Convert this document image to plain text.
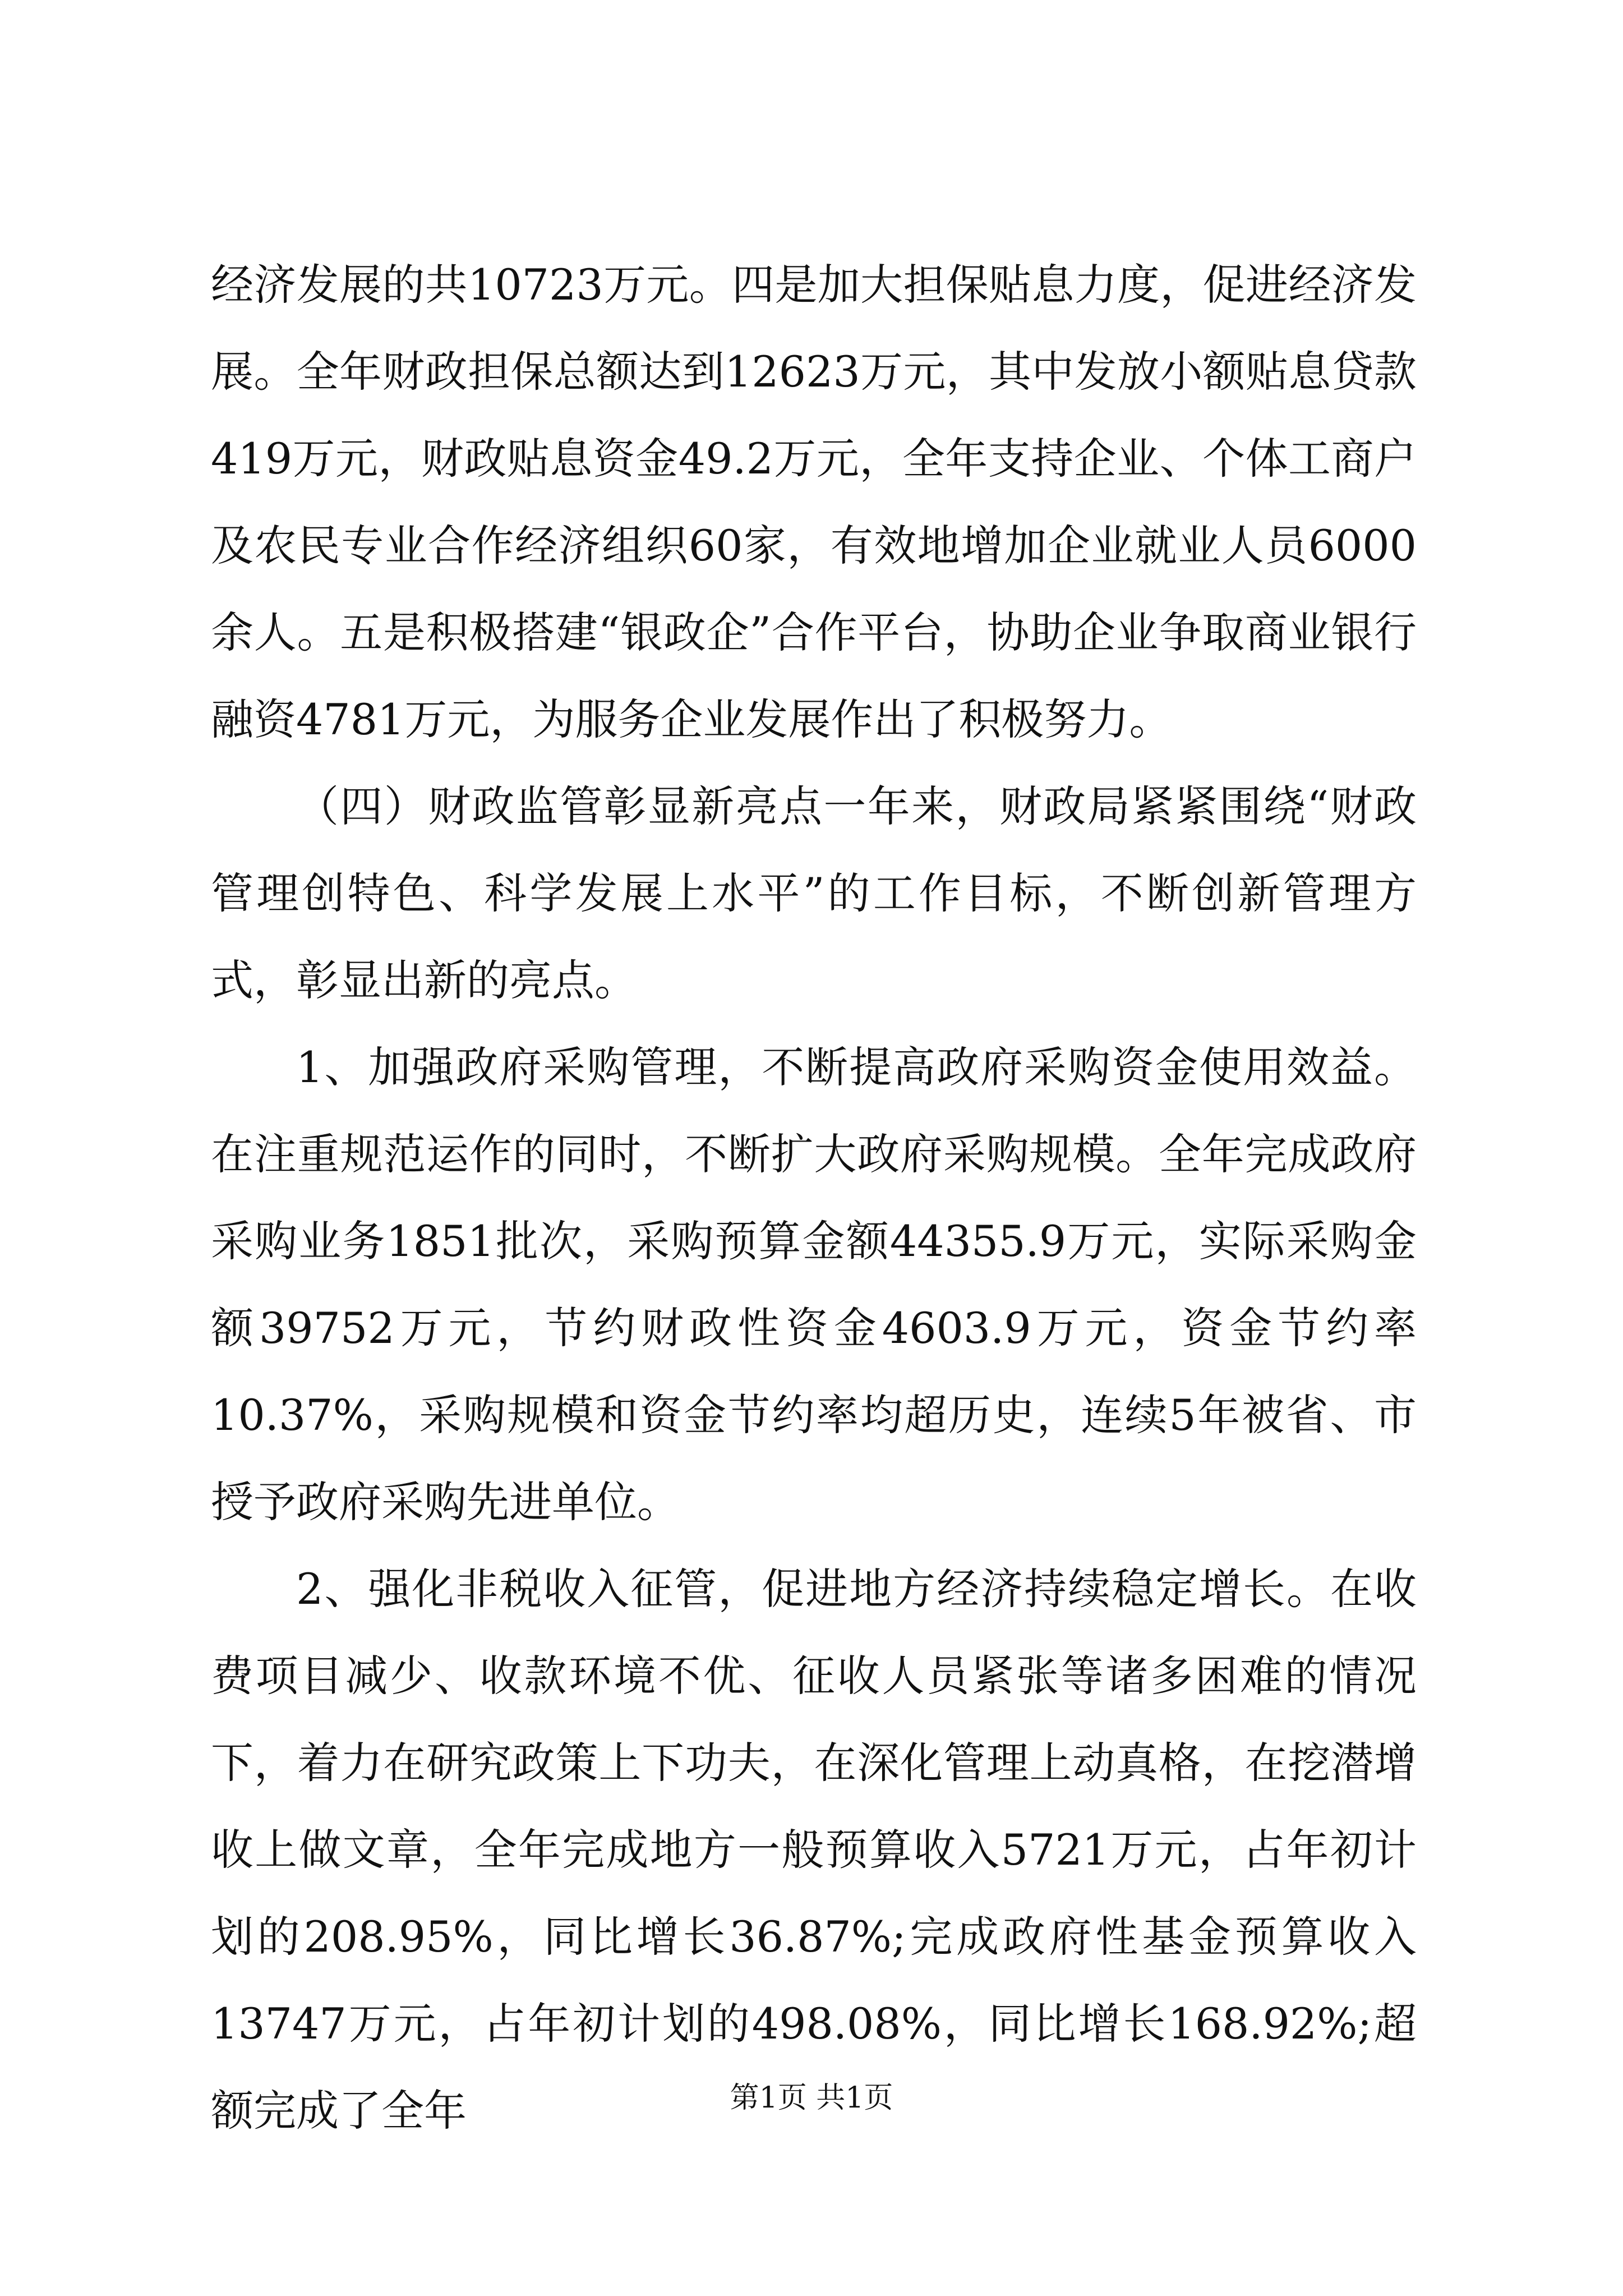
经济发展的共10723万元。四是加大担保贴息力度，促进经济发展。全年财政担保总额达到12623万元，其中发放小额贴息贷款419万元，财政贴息资金49.2万元，全年支持企业、个体工商户及农民专业合作经济组织60家，有效地增加企业就业人员6000余人。五是积极搭建“银政企”合作平台，协助企业争取商业银行融资4781万元，为服务企业发展作出了积极努力。

（四）财政监管彰显新亮点一年来，财政局紧紧围绕“财政管理创特色、科学发展上水平”的工作目标，不断创新管理方式，彰显出新的亮点。

1、加强政府采购管理，不断提高政府采购资金使用效益。在注重规范运作的同时，不断扩大政府采购规模。全年完成政府采购业务1851批次，采购预算金额44355.9万元，实际采购金额39752万元，节约财政性资金4603.9万元，资金节约率10.37%，采购规模和资金节约率均超历史，连续5年被省、市授予政府采购先进单位。

2、强化非税收入征管，促进地方经济持续稳定增长。在收费项目减少、收款环境不优、征收人员紧张等诸多困难的情况下，着力在研究政策上下功夫，在深化管理上动真格，在挖潜增收上做文章，全年完成地方一般预算收入5721万元，占年初计划的208.95%，同比增长36.87%;完成政府性基金预算收入13747万元，占年初计划的498.08%，同比增长168.92%;超额完成了全年	第1页 共1页
